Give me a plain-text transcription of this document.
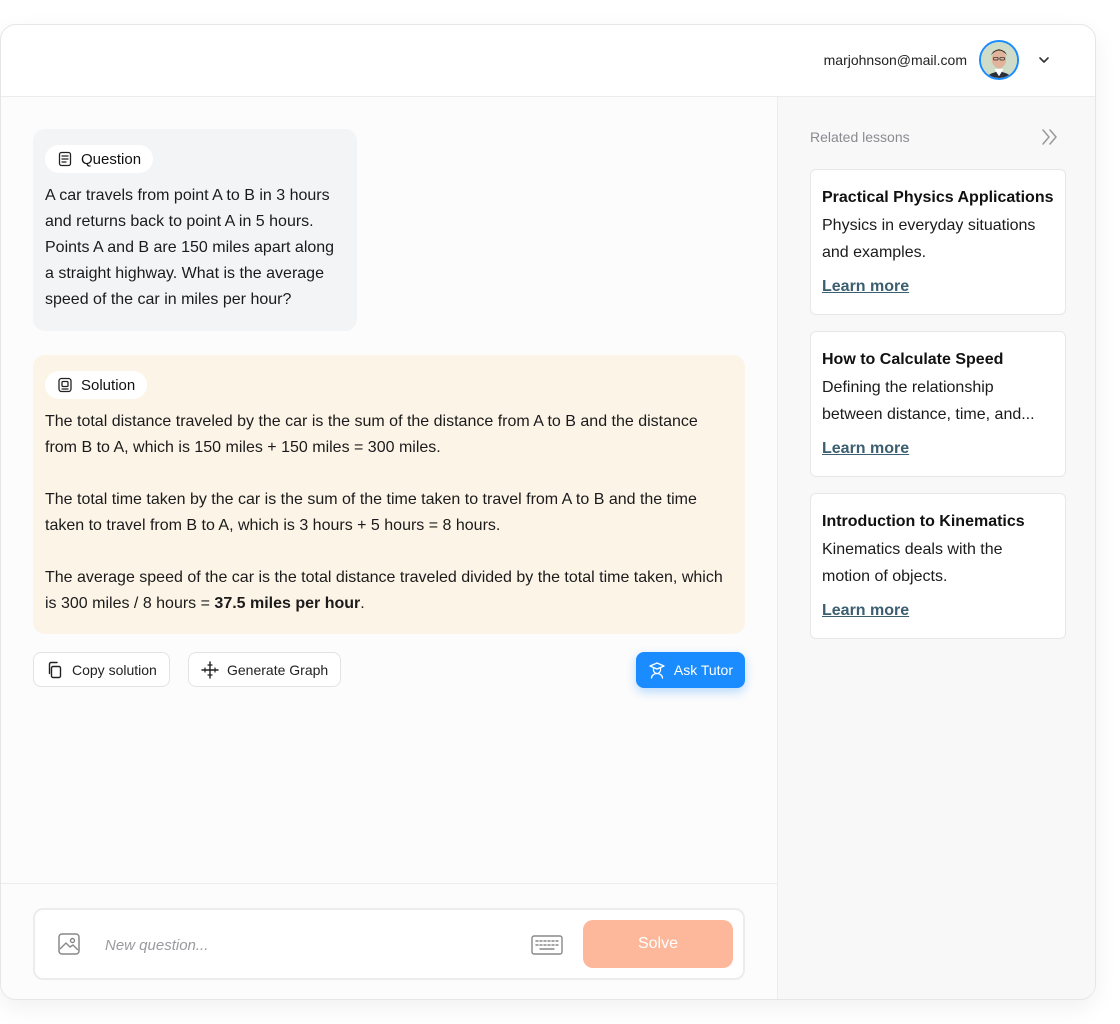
marjohnson@mail.com
Question
A car travels from point A to B in 3 hours and returns back to point A in 5 hours. Points A and B are 150 miles apart along a straight highway. What is the average speed of the car in miles per hour?
Solution

The total distance traveled by the car is the sum of the distance from A to B and the distance from B to A, which is 150 miles + 150 miles = 300 miles.

The total time taken by the car is the sum of the time taken to travel from A to B and the time taken to travel from B to A, which is 3 hours + 5 hours = 8 hours.

The average speed of the car is the total distance traveled divided by the total time taken, which is 300 miles / 8 hours = 37.5 miles per hour.

Copy solution	Generate Graph	Ask Tutor
New question...
Solve
Related lessons
Practical Physics Applications
Physics in everyday situations and examples.
Learn more
How to Calculate Speed
Defining the relationship between distance, time, and...
Learn more
Introduction to Kinematics
Kinematics deals with the motion of objects.
Learn more
